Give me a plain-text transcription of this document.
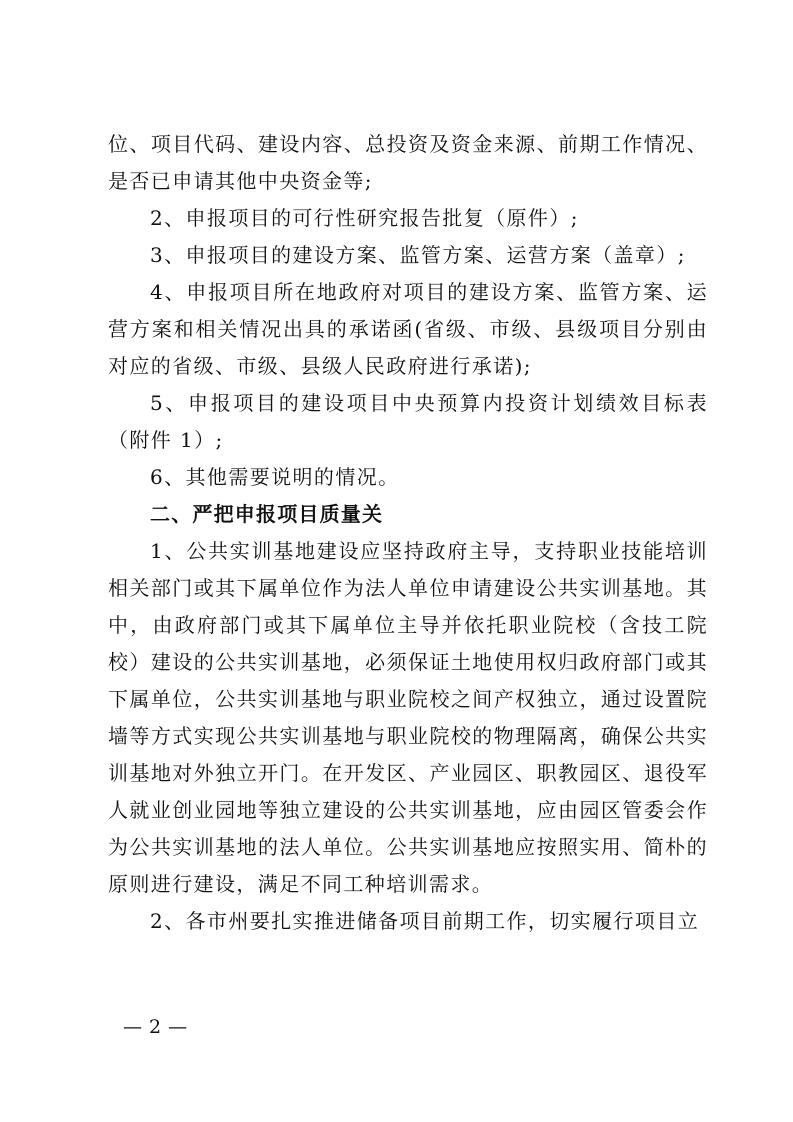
位、项目代码、建设内容、总投资及资金来源、前期工作情况、是否已申请其他中央资金等;

2、申报项目的可行性研究报告批复（原件）;

3、申报项目的建设方案、监管方案、运营方案（盖章）;

4、申报项目所在地政府对项目的建设方案、监管方案、运营方案和相关情况出具的承诺函(省级、市级、县级项目分别由对应的省级、市级、县级人民政府进行承诺);

5、申报项目的建设项目中央预算内投资计划绩效目标表（附件 1）;

6、其他需要说明的情况。

二、严把申报项目质量关

1、公共实训基地建设应坚持政府主导，支持职业技能培训相关部门或其下属单位作为法人单位申请建设公共实训基地。其中，由政府部门或其下属单位主导并依托职业院校（含技工院校）建设的公共实训基地，必须保证土地使用权归政府部门或其下属单位，公共实训基地与职业院校之间产权独立，通过设置院墙等方式实现公共实训基地与职业院校的物理隔离，确保公共实训基地对外独立开门。在开发区、产业园区、职教园区、退役军人就业创业园地等独立建设的公共实训基地，应由园区管委会作为公共实训基地的法人单位。公共实训基地应按照实用、简朴的原则进行建设，满足不同工种培训需求。

2、各市州要扎实推进储备项目前期工作，切实履行项目立

— 2 —
